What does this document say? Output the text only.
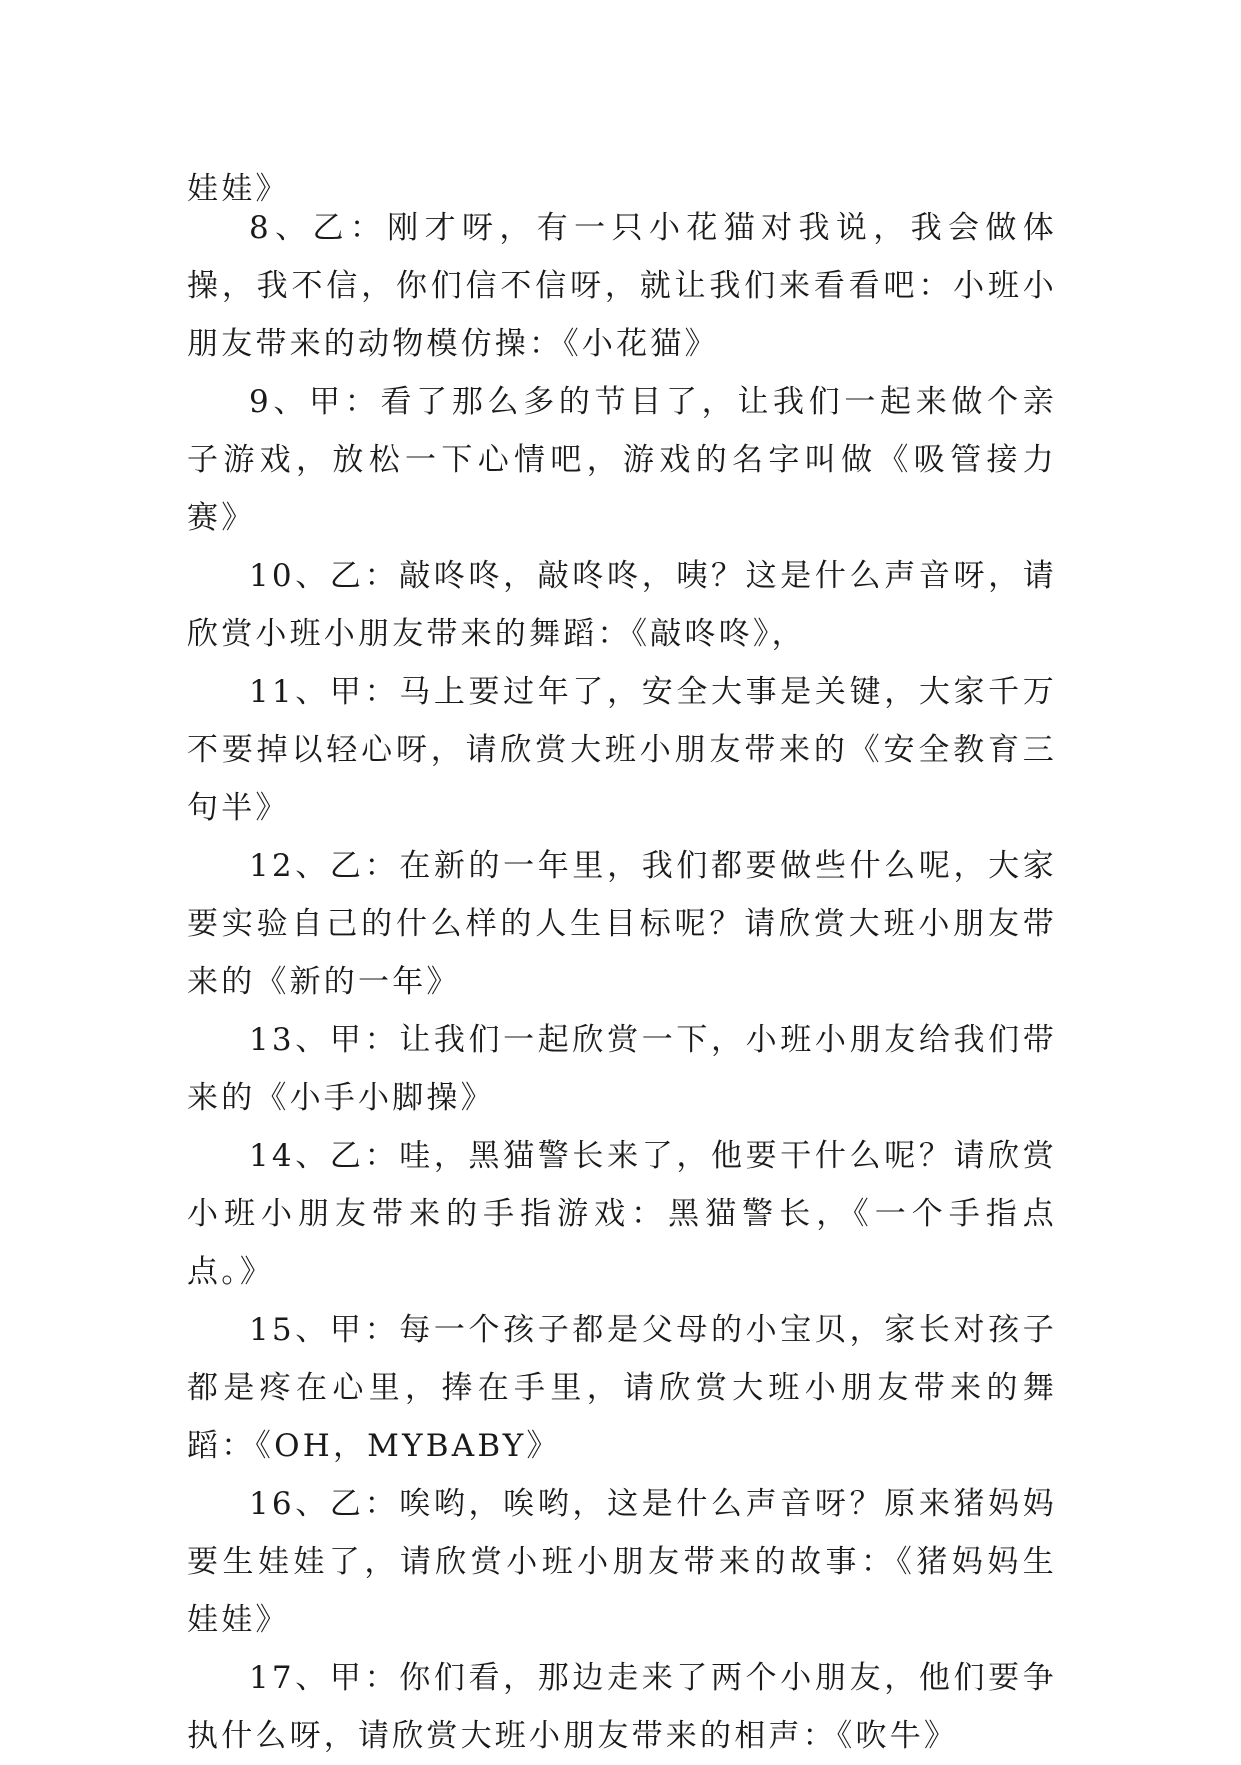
娃娃》

8、乙：刚才呀，有一只小花猫对我说，我会做体操，我不信，你们信不信呀，就让我们来看看吧：小班小朋友带来的动物模仿操：《小花猫》

9、甲：看了那么多的节目了，让我们一起来做个亲子游戏，放松一下心情吧，游戏的名字叫做《吸管接力赛》

10、乙：敲咚咚，敲咚咚，咦？这是什么声音呀，请欣赏小班小朋友带来的舞蹈：《敲咚咚》，

11、甲：马上要过年了，安全大事是关键，大家千万不要掉以轻心呀，请欣赏大班小朋友带来的《安全教育三句半》

12、乙：在新的一年里，我们都要做些什么呢，大家要实验自己的什么样的人生目标呢？请欣赏大班小朋友带来的《新的一年》

13、甲：让我们一起欣赏一下，小班小朋友给我们带来的《小手小脚操》

14、乙：哇，黑猫警长来了，他要干什么呢？请欣赏小班小朋友带来的手指游戏：黑猫警长，《一个手指点点。》

15、甲：每一个孩子都是父母的小宝贝，家长对孩子都是疼在心里，捧在手里，请欣赏大班小朋友带来的舞蹈：《OH，MYBABY》

16、乙：唉哟，唉哟，这是什么声音呀？原来猪妈妈要生娃娃了，请欣赏小班小朋友带来的故事：《猪妈妈生娃娃》

17、甲：你们看，那边走来了两个小朋友，他们要争执什么呀，请欣赏大班小朋友带来的相声：《吹牛》
